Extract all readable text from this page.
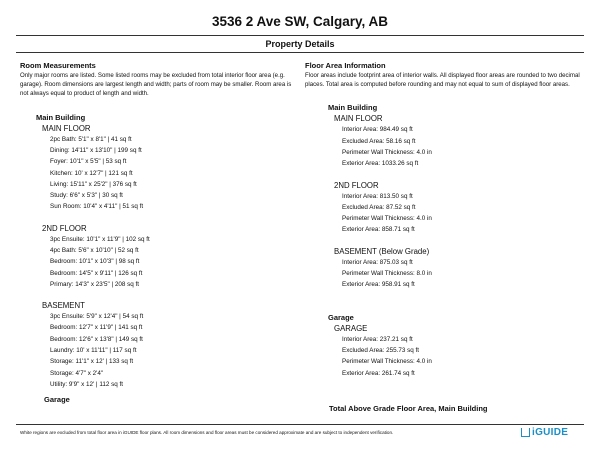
3536 2 Ave SW, Calgary, AB
Property Details
Room Measurements

Only major rooms are listed. Some listed rooms may be excluded from total interior floor area (e.g. garage). Room dimensions are largest length and width; parts of room may be smaller. Room area is not always equal to product of length and width.

Main Building
MAIN FLOOR
2pc Bath: 5'1" x 8'1" | 41 sq ft
Dining: 14'11" x 13'10" | 199 sq ft
Foyer: 10'1" x 5'5" | 53 sq ft
Kitchen: 10' x 12'7" | 121 sq ft
Living: 15'11" x 25'2" | 376 sq ft
Study: 6'6" x 5'3" | 30 sq ft
Sun Room: 10'4" x 4'11" | 51 sq ft
2ND FLOOR
3pc Ensuite: 10'1" x 11'9" | 102 sq ft
4pc Bath: 5'6" x 10'10" | 52 sq ft
Bedroom: 10'1" x 10'3" | 98 sq ft
Bedroom: 14'5" x 9'11" | 126 sq ft
Primary: 14'3" x 23'5" | 208 sq ft
BASEMENT
3pc Ensuite: 5'9" x 12'4" | 54 sq ft
Bedroom: 12'7" x 11'9" | 141 sq ft
Bedroom: 12'6" x 13'8" | 149 sq ft
Laundry: 10' x 11'11" | 117 sq ft
Storage: 11'1" x 12' | 133 sq ft
Storage: 4'7" x 2'4"
Utility: 9'9" x 12' | 112 sq ft
Garage
Floor Area Information

Floor areas include footprint area of interior walls. All displayed floor areas are rounded to two decimal places. Total area is computed before rounding and may not equal to sum of displayed floor areas.

Main Building
MAIN FLOOR
Interior Area: 984.49 sq ft
Excluded Area: 58.16 sq ft
Perimeter Wall Thickness: 4.0 in
Exterior Area: 1033.26 sq ft
2ND FLOOR
Interior Area: 813.50 sq ft
Excluded Area: 87.52 sq ft
Perimeter Wall Thickness: 4.0 in
Exterior Area: 858.71 sq ft
BASEMENT (Below Grade)
Interior Area: 875.03 sq ft
Perimeter Wall Thickness: 8.0 in
Exterior Area: 958.91 sq ft
Garage
GARAGE
Interior Area: 237.21 sq ft
Excluded Area: 255.73 sq ft
Perimeter Wall Thickness: 4.0 in
Exterior Area: 261.74 sq ft
Total Above Grade Floor Area, Main Building
White regions are excluded from total floor area in iGUIDE floor plans. All room dimensions and floor areas must be considered approximate and are subject to independent verification.	iGUIDE
